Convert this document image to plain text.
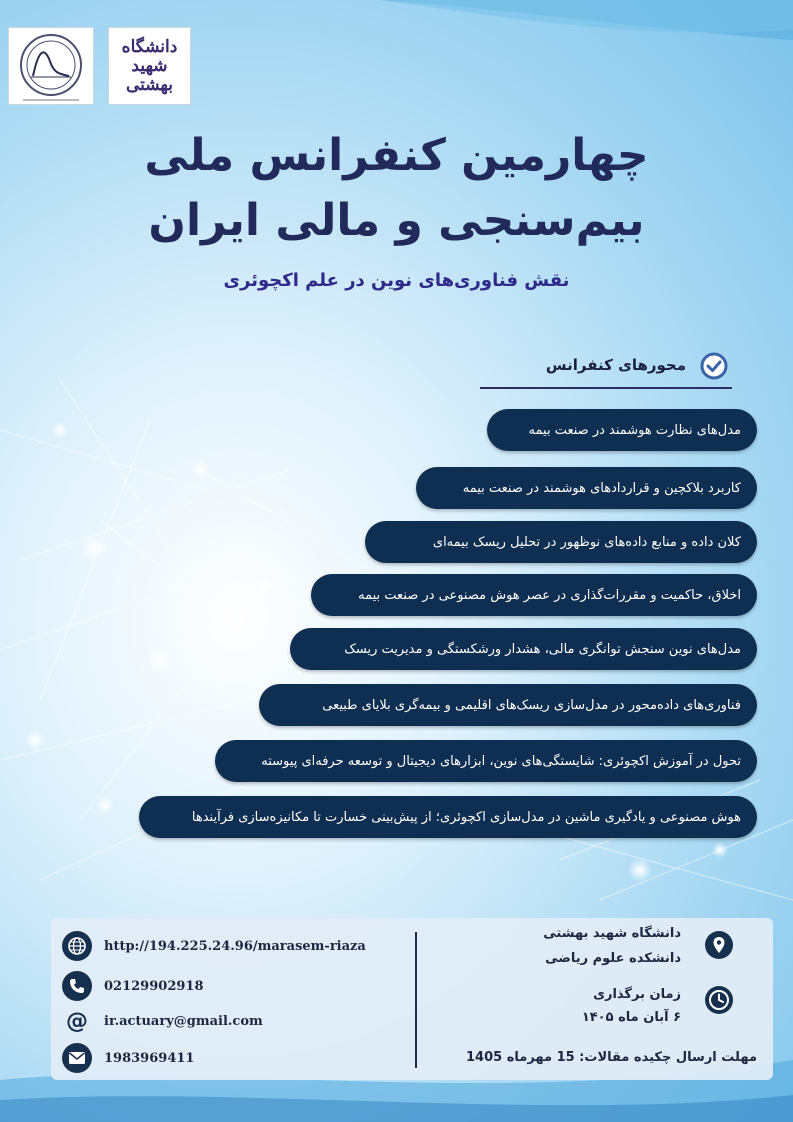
دانشگاه
شهید
بهشتی
چهارمین کنفرانس ملی
بیم‌سنجی و مالی ایران
نقش فناوری‌های نوین در علم اکچوئری
محورهای کنفرانس
مدل‌های نظارت هوشمند در صنعت بیمه
کاربرد بلاکچین و قراردادهای هوشمند در صنعت بیمه
کلان داده و منابع داده‌های نوظهور در تحلیل ریسک بیمه‌ای
اخلاق، حاکمیت و مقررات‌گذاری در عصر هوش مصنوعی در صنعت بیمه
مدل‌های نوین سنجش توانگری مالی، هشدار ورشکستگی و مدیریت ریسک
فناوری‌های داده‌محور در مدل‌سازی ریسک‌های اقلیمی و بیمه‌گری بلایای طبیعی
تحول در آموزش اکچوئری: شایستگی‌های نوین، ابزارهای دیجیتال و توسعه حرفه‌ای پیوسته
هوش مصنوعی و یادگیری ماشین در مدل‌سازی اکچوئری؛ از پیش‌بینی خسارت تا مکانیزه‌سازی فرآیندها
http://194.225.24.96/marasem-riaza
02129902918
@ ir.actuary@gmail.com
1983969411
دانشگاه شهید بهشتی
دانشکده علوم ریاضی
زمان برگذاری
۶ آبان ماه ۱۴۰۵
مهلت ارسال چکیده مقالات: 15 مهرماه 1405
